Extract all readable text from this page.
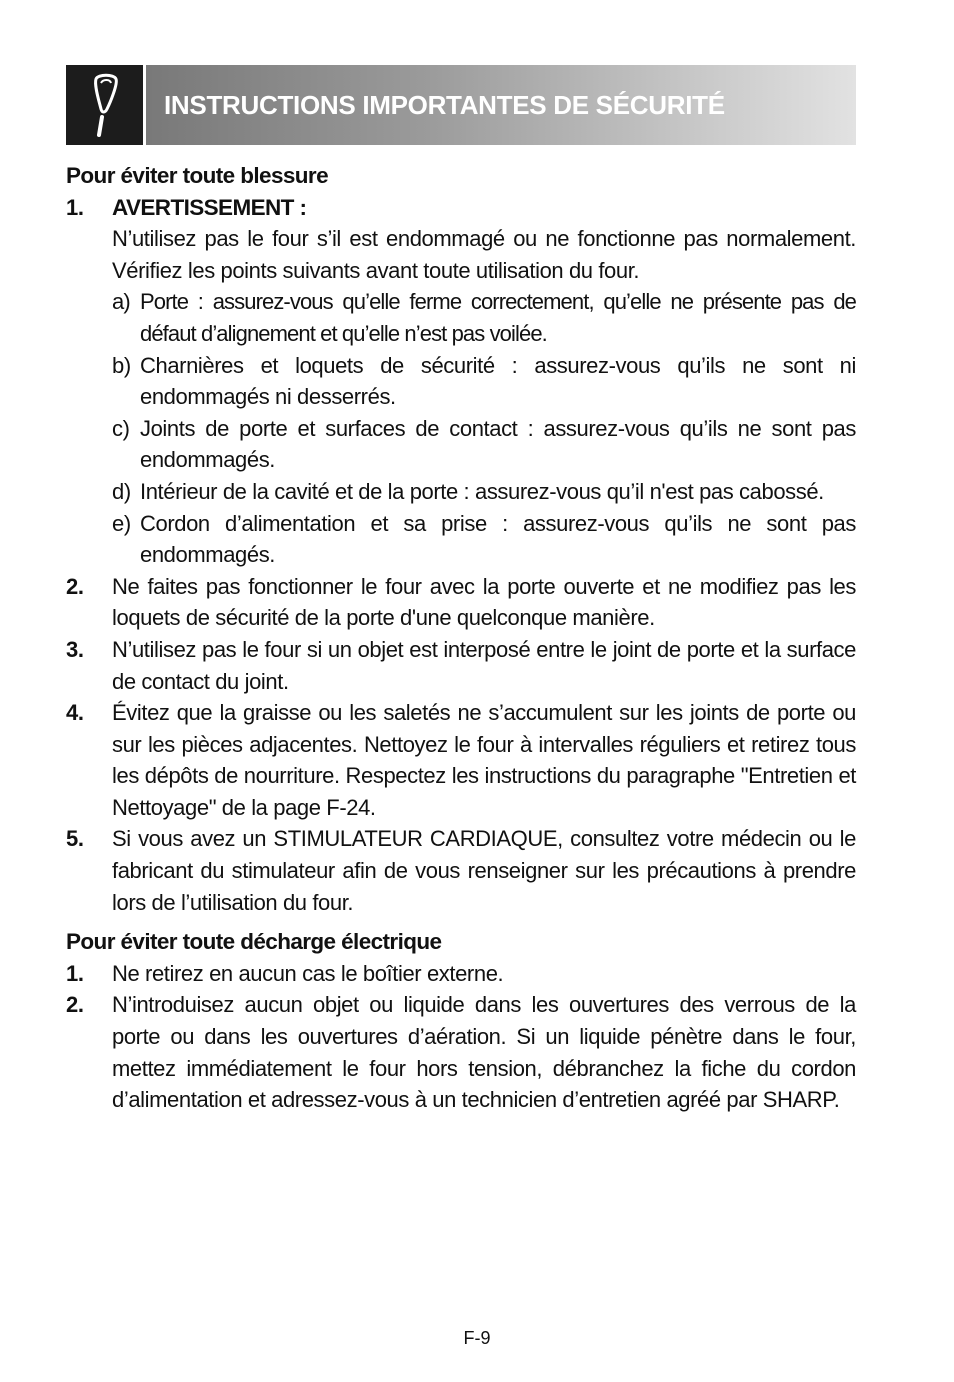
INSTRUCTIONS IMPORTANTES DE SÉCURITÉ
Pour éviter toute blessure
1. AVERTISSEMENT :
N’utilisez pas le four s’il est endommagé ou ne fonctionne pas normalement. Vérifiez les points suivants avant toute utilisation du four.
a) Porte : assurez-vous qu’elle ferme correctement, qu’elle ne présente pas de défaut d’alignement et qu’elle n’est pas voilée.
b) Charnières et loquets de sécurité : assurez-vous qu’ils ne sont ni endommagés ni desserrés.
c) Joints de porte et surfaces de contact : assurez-vous qu’ils ne sont pas endommagés.
d) Intérieur de la cavité et de la porte : assurez-vous qu’il n'est pas cabossé.
e) Cordon d’alimentation et sa prise : assurez-vous qu’ils ne sont pas endommagés.
2. Ne faites pas fonctionner le four avec la porte ouverte et ne modifiez pas les loquets de sécurité de la porte d'une quelconque manière.
3. N’utilisez pas le four si un objet est interposé entre le joint de porte et la surface de contact du joint.
4. Évitez que la graisse ou les saletés ne s’accumulent sur les joints de porte ou sur les pièces adjacentes. Nettoyez le four à intervalles réguliers et retirez tous les dépôts de nourriture. Respectez les instructions du paragraphe "Entretien et Nettoyage" de la page F-24.
5. Si vous avez un STIMULATEUR CARDIAQUE, consultez votre médecin ou le fabricant du stimulateur afin de vous renseigner sur les précautions à prendre lors de l’utilisation du four.
Pour éviter toute décharge électrique
1. Ne retirez en aucun cas le boîtier externe.
2. N’introduisez aucun objet ou liquide dans les ouvertures des verrous de la porte ou dans les ouvertures d’aération. Si un liquide pénètre dans le four, mettez immédiatement le four hors tension, débranchez la fiche du cordon d’alimentation et adressez-vous à un technicien d’entretien agréé par SHARP.
F-9
